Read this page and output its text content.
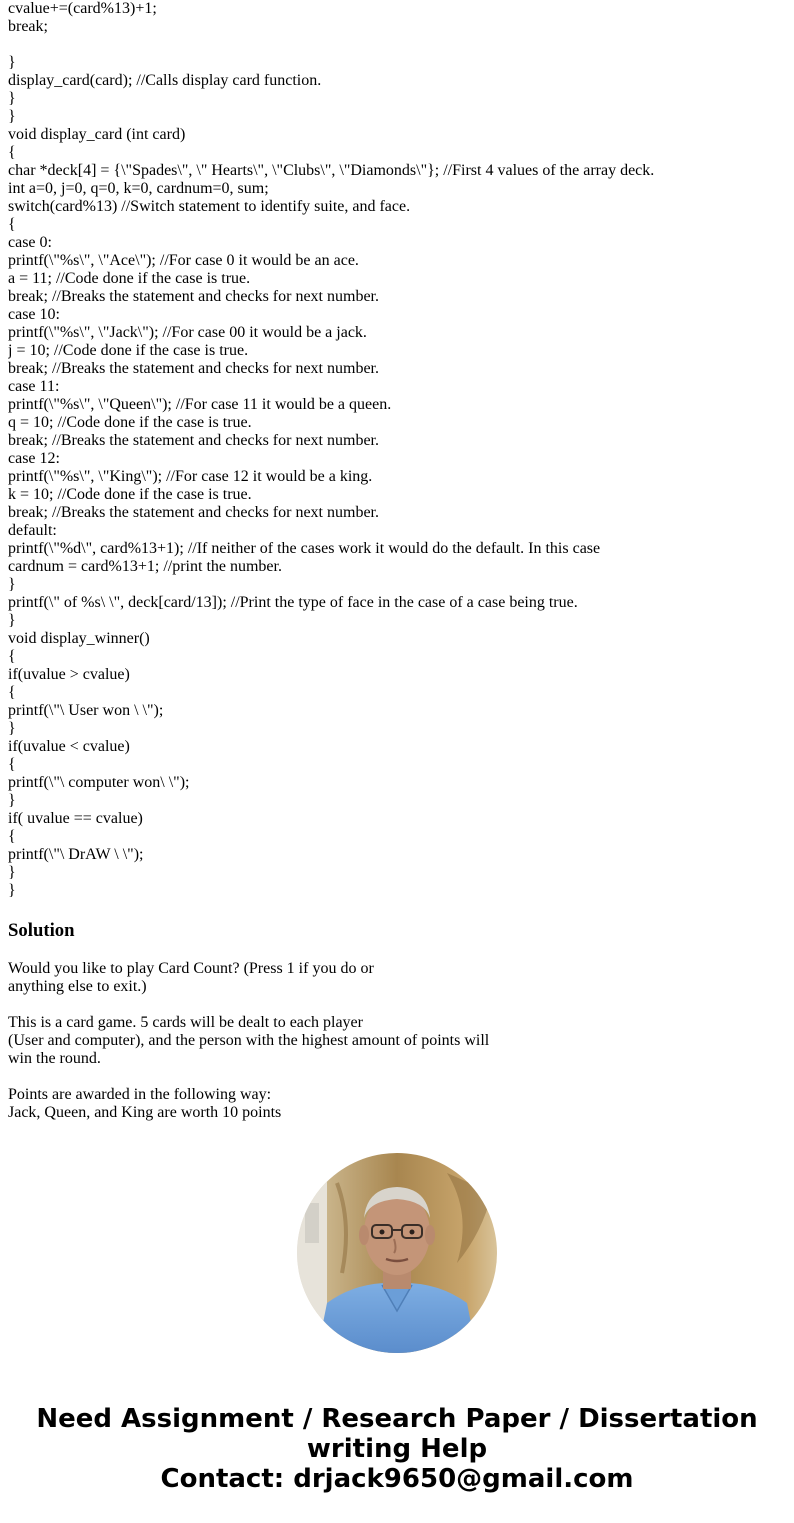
cvalue+=(card%13)+1;
break;
}
display_card(card); //Calls display card function.
}
}
void display_card (int card)
{
char *deck[4] = {\"Spades\", \" Hearts\", \"Clubs\", \"Diamonds\"}; //First 4 values of the array deck.
int a=0, j=0, q=0, k=0, cardnum=0, sum;
switch(card%13) //Switch statement to identify suite, and face.
{
case 0:
printf(\"%s\", \"Ace\"); //For case 0 it would be an ace.
a = 11; //Code done if the case is true.
break; //Breaks the statement and checks for next number.
case 10:
printf(\"%s\", \"Jack\"); //For case 00 it would be a jack.
j = 10; //Code done if the case is true.
break; //Breaks the statement and checks for next number.
case 11:
printf(\"%s\", \"Queen\"); //For case 11 it would be a queen.
q = 10; //Code done if the case is true.
break; //Breaks the statement and checks for next number.
case 12:
printf(\"%s\", \"King\"); //For case 12 it would be a king.
k = 10; //Code done if the case is true.
break; //Breaks the statement and checks for next number.
default:
printf(\"%d\", card%13+1); //If neither of the cases work it would do the default. In this case
cardnum = card%13+1; //print the number.
}
printf(\" of %s\ \", deck[card/13]); //Print the type of face in the case of a case being true.
}
void display_winner()
{
if(uvalue > cvalue)
{
printf(\"\ User won \ \");
}
if(uvalue < cvalue)
{
printf(\"\ computer won\ \");
}
if( uvalue == cvalue)
{
printf(\"\ DrAW \ \");
}
}
Solution
Would you like to play Card Count? (Press 1 if you do or
anything else to exit.)
This is a card game. 5 cards will be dealt to each player
(User and computer), and the person with the highest amount of points will
win the round.
Points are awarded in the following way:
Jack, Queen, and King are worth 10 points
Need Assignment / Research Paper / Dissertation
writing Help
Contact: drjack9650@gmail.com
